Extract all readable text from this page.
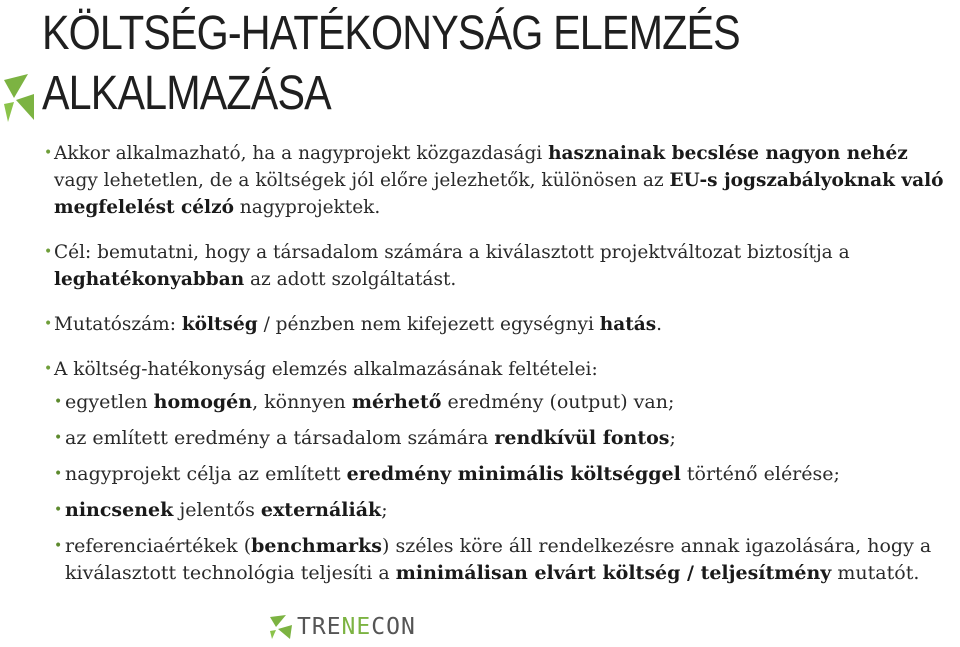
KÖLTSÉG-HATÉKONYSÁG ELEMZÉS
ALKALMAZÁSA
• Akkor alkalmazható, ha a nagyprojekt közgazdasági hasznainak becslése nagyon nehéz vagy lehetetlen, de a költségek jól előre jelezhetők, különösen az EU-s jogszabályoknak való megfelelést célzó nagyprojektek.
• Cél: bemutatni, hogy a társadalom számára a kiválasztott projektváltozat biztosítja a leghatékonyabban az adott szolgáltatást.
• Mutatószám: költség / pénzben nem kifejezett egységnyi hatás.
• A költség-hatékonyság elemzés alkalmazásának feltételei:
• egyetlen homogén, könnyen mérhető eredmény (output) van;
• az említett eredmény a társadalom számára rendkívül fontos;
• nagyprojekt célja az említett eredmény minimális költséggel történő elérése;
• nincsenek jelentős externáliák;
• referenciaértékek (benchmarks) széles köre áll rendelkezésre annak igazolására, hogy a kiválasztott technológia teljesíti a minimálisan elvárt költség / teljesítmény mutatót.
TRENECON
